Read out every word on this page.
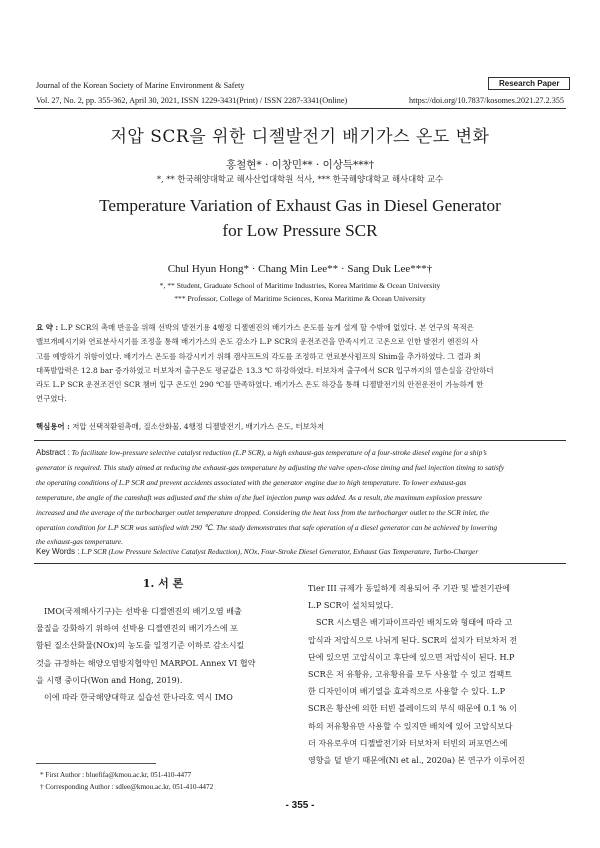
Journal of the Korean Society of Marine Environment & Safety	Research Paper
Vol. 27, No. 2, pp. 355-362, April 30, 2021, ISSN 1229-3431(Print) / ISSN 2287-3341(Online)	https://doi.org/10.7837/kosomes.2021.27.2.355
저압 SCR을 위한 디젤발전기 배기가스 온도 변화
홍철현* · 이창민** · 이상득***†
*, ** 한국해양대학교 해사산업대학원 석사, *** 한국해양대학교 해사대학 교수
Temperature Variation of Exhaust Gas in Diesel Generator
for Low Pressure SCR
Chul Hyun Hong* · Chang Min Lee** · Sang Duk Lee***†
*, ** Student, Graduate School of Maritime Industries, Korea Maritime & Ocean University
*** Professor, College of Maritime Sciences, Korea Maritime & Ocean University
요 약 : L.P SCR의 촉매 반응을 위해 선박의 발전기용 4행정 디젤엔진의 배기가스 온도를 높게 설계 할 수밖에 없었다. 본 연구의 목적은
밸브개폐시기와 연료분사시기를 조정을 통해 배기가스의 온도 감소가 L.P SCR의 운전조건을 만족시키고 고온으로 인한 발전기 엔진의 사
고를 예방하기 위함이었다. 배기가스 온도를 하강시키기 위해 캠샤프트의 각도를 조정하고 연료분사펌프의 Shim을 추가하였다. 그 결과 최
대폭발압력은 12.8 bar 증가하였고 터보차저 출구온도 평균값은 13.3 ℃ 하강하였다. 터보차저 출구에서 SCR 입구까지의 열손실을 감안하더
라도 L.P SCR 운전조건인 SCR 챔버 입구 온도인 290 ℃를 만족하였다. 배기가스 온도 하강을 통해 디젤발전기의 안전운전이 가능하게 한
연구였다.
핵심용어 : 저압 선택적환원촉매, 질소산화물, 4행정 디젤발전기, 배기가스 온도, 터보차저
Abstract : To facilitate low-pressure selective catalyst reduction (L.P SCR), a high exhaust-gas temperature of a four-stroke diesel engine for a ship’s
generator is required. This study aimed at reducing the exhaust-gas temperature by adjusting the valve open-close timing and fuel injection timing to satisfy
the operating conditions of L.P SCR and prevent accidents associated with the generator engine due to high temperature. To lower exhaust-gas
temperature, the angle of the camshaft was adjusted and the shim of the fuel injection pump was added. As a result, the maximum explosion pressure
increased and the average of the turbocharger outlet temperature dropped. Considering the heat loss from the turbocharger outlet to the SCR inlet, the
operation condition for L.P SCR was satisfied with 290 ℃. The study demonstrates that safe operation of a diesel generator can be achieved by lowering
the exhaust-gas temperature.
Key Words : L.P SCR (Low Pressure Selective Catalyst Reduction), NOx, Four-Stroke Diesel Generator, Exhaust Gas Temperature, Turbo-Charger
1. 서 론
IMO(국제해사기구)는 선박용 디젤엔진의 배기오염 배출
물질을 강화하기 위하여 선박용 디젤엔진의 배기가스에 포
함된 질소산화물(NOx)의 농도를 일정기준 이하로 감소시킬
것을 규정하는 해양오염방지협약인 MARPOL Annex VI 협약
을 시행 중이다(Won and Hong, 2019).
이에 따라 한국해양대학교 실습선 한나라호 역시 IMO
Tier III 규제가 동일하게 적용되어 주 기관 및 발전기관에
L.P SCR이 설치되었다.
SCR 시스템은 배기파이프라인 배치도와 형태에 따라 고
압식과 저압식으로 나뉘게 된다. SCR의 설치가 터보차저 전
단에 있으면 고압식이고 후단에 있으면 저압식이 된다. H.P
SCR은 저 유황유, 고유황유를 모두 사용할 수 있고 컴팩트
한 디자인이며 배기열을 효과적으로 사용할 수 있다. L.P
SCR은 황산에 의한 터빈 블레이드의 부식 때문에 0.1 % 이
하의 저유황유만 사용할 수 있지만 배치에 있어 고압식보다
더 자유로우며 디젤발전기와 터보차저 터빈의 퍼포먼스에
영향을 덜 받기 때문에(Ni et al., 2020a) 본 연구가 이루어진
* First Author : bluefifa@kmou.ac.kr, 051-410-4477
† Corresponding Author : sdlee@kmou.ac.kr, 051-410-4472
- 355 -
